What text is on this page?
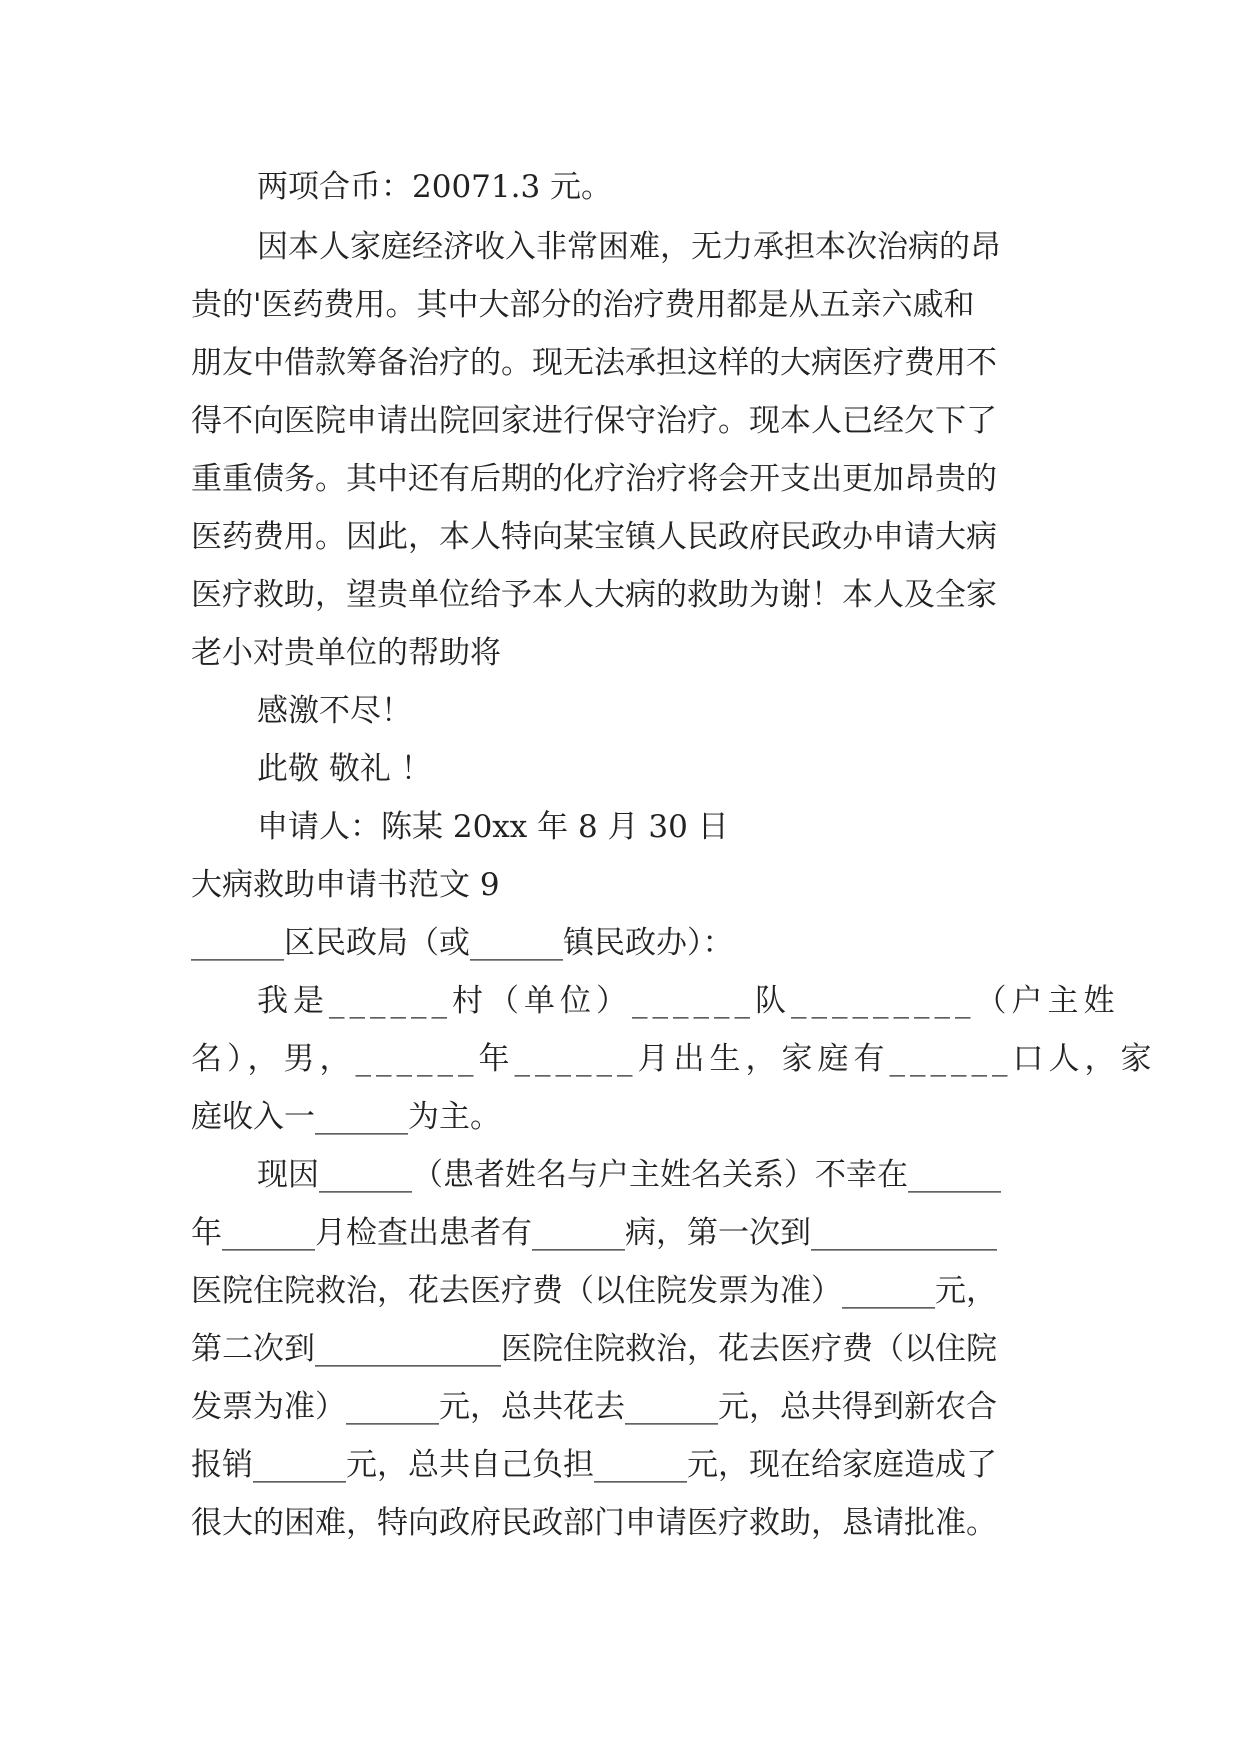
两项合币：20071.3 元。
因本人家庭经济收入非常困难，无力承担本次治病的昂
贵的'医药费用。其中大部分的治疗费用都是从五亲六戚和
朋友中借款筹备治疗的。现无法承担这样的大病医疗费用不
得不向医院申请出院回家进行保守治疗。现本人已经欠下了
重重债务。其中还有后期的化疗治疗将会开支出更加昂贵的
医药费用。因此，本人特向某宝镇人民政府民政办申请大病
医疗救助，望贵单位给予本人大病的救助为谢！本人及全家
老小对贵单位的帮助将
感激不尽！
此敬 敬礼 ！
申请人：陈某 20xx 年 8 月 30 日
大病救助申请书范文 9
______区民政局（或______镇民政办）：
我是______村（单位）______队_________（户主姓
名），男，______年______月出生，家庭有______口人，家
庭收入一______为主。
现因______（患者姓名与户主姓名关系）不幸在______
年______月检查出患者有______病，第一次到____________
医院住院救治，花去医疗费（以住院发票为准）______元，
第二次到____________医院住院救治，花去医疗费（以住院
发票为准）______元，总共花去______元，总共得到新农合
报销______元，总共自己负担______元，现在给家庭造成了
很大的困难，特向政府民政部门申请医疗救助，恳请批准。
